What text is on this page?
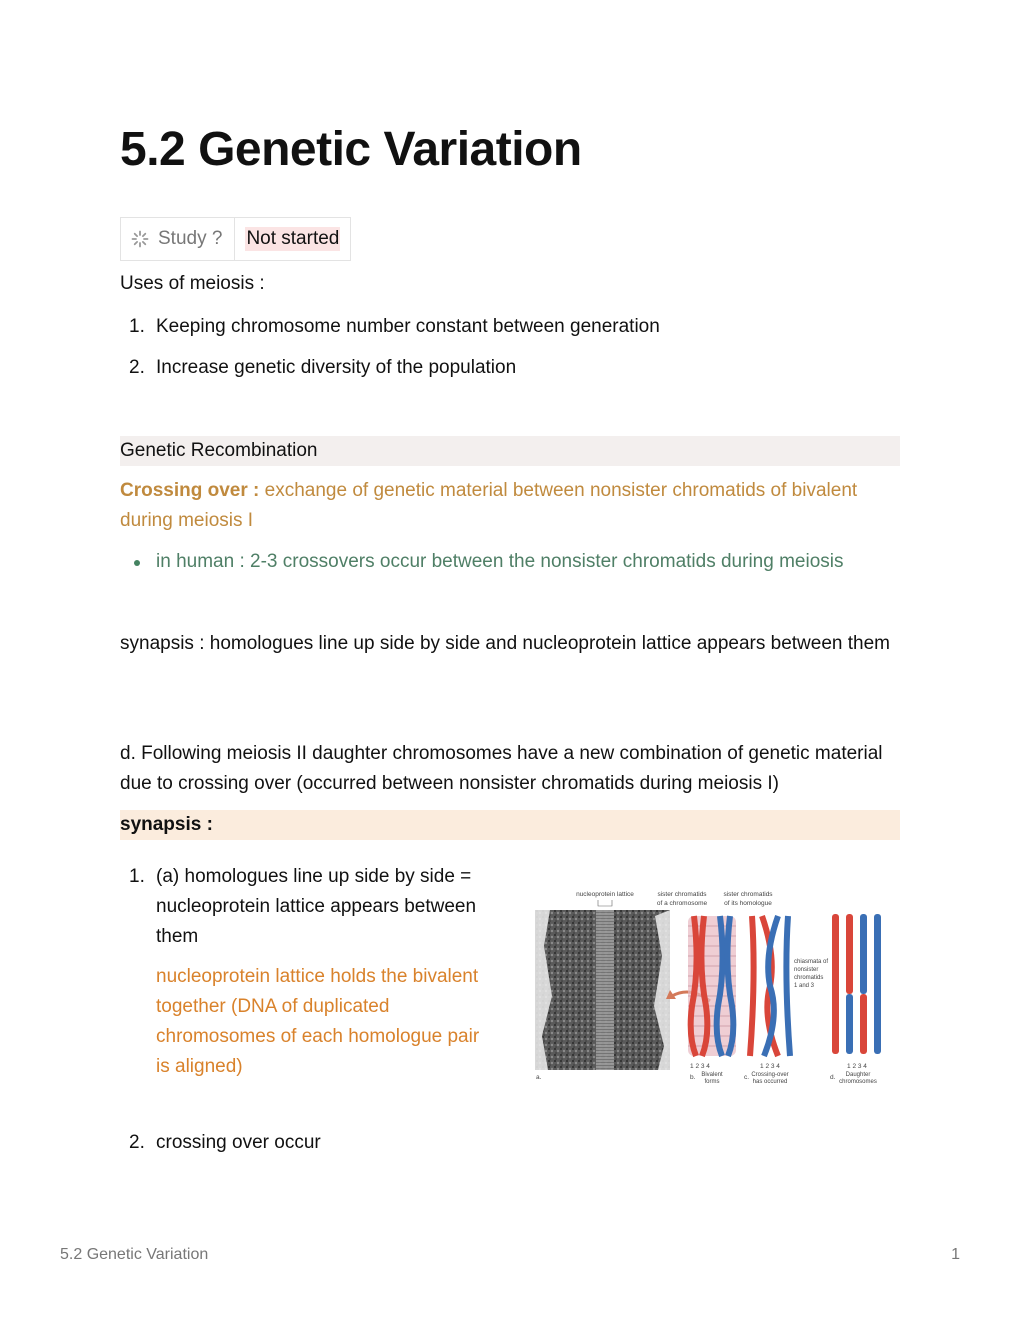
5.2 Genetic Variation
Study ? Not started

Uses of meiosis :

1. Keeping chromosome number constant between generation
2. Increase genetic diversity of the population

Genetic Recombination

Crossing over : exchange of genetic material between nonsister chromatids of bivalent during meiosis I

in human : 2-3 crossovers occur between the nonsister chromatids during meiosis

synapsis : homologues line up side by side and nucleoprotein lattice appears between them

d. Following meiosis II daughter chromosomes have a new combination of genetic material due to crossing over (occurred between nonsister chromatids during meiosis I)

synapsis :

1. (a) homologues line up side by side = nucleoprotein lattice appears between them
nucleoprotein lattice holds the bivalent together (DNA of duplicated chromosomes of each homologue pair is aligned)
2. crossing over occur
nucleoprotein lattice	sister chromatids
of a chromosome
sister chromatids
of its homologue
a.
1 2 3 4
Bivalent
forms
b.
chiasmata of
nonsister
chromatids
1 and 3
1 2 3 4
Crossing-over
has occurred
c.
1 2 3 4
Daughter
chromosomes
d.
5.2 Genetic Variation	1
